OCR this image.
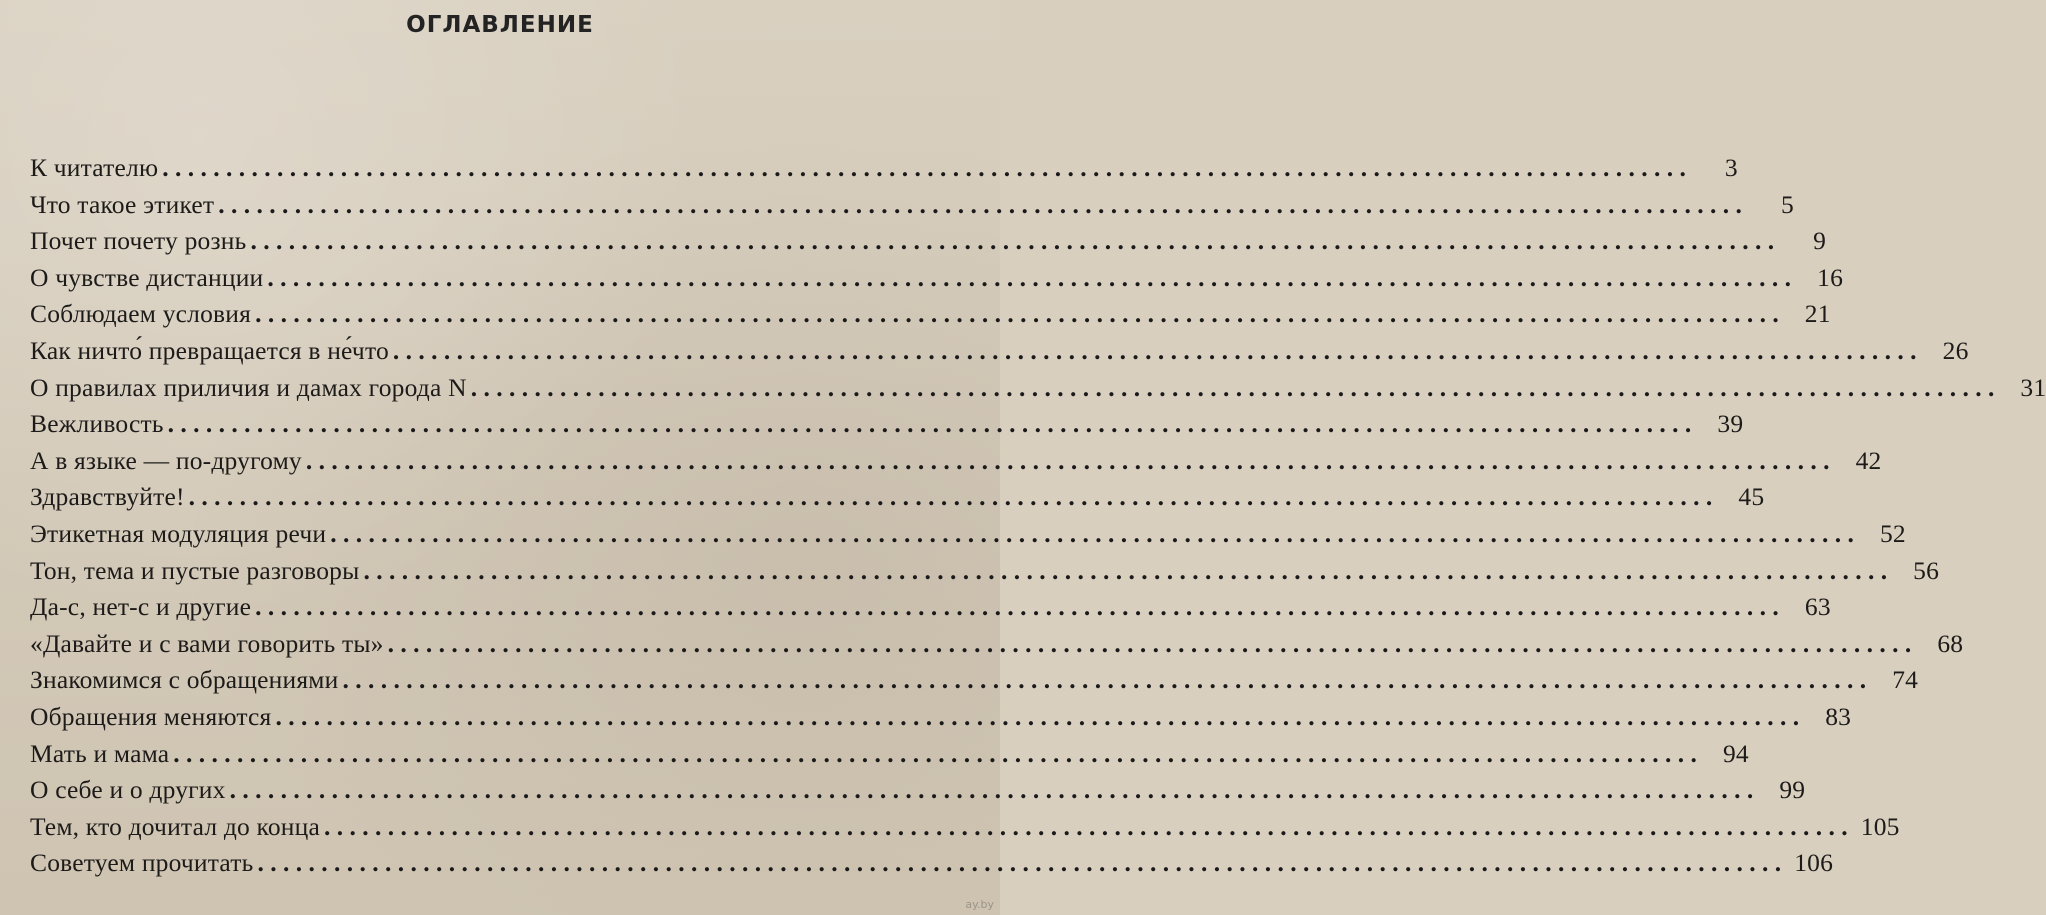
ОГЛАВЛЕНИЕ
К читателю . . . . . . . . . . . . . . . . . . . . . . . . . . . . . . . . . . . . . . . . . . . . . . . . . . . . . . . . . . . . . . . . . . . . . . . . . . . . . . . . . . . . . . . . . . . . . . . . . . . . . . . . . . . . . . . . . . . . . . . .	3
Что такое этикет . . . . . . . . . . . . . . . . . . . . . . . . . . . . . . . . . . . . . . . . . . . . . . . . . . . . . . . . . . . . . . . . . . . . . . . . . . . . . . . . . . . . . . . . . . . . . . . . . . . . . . . . . . . . . . . . . . . . . . . .	5
Почет почету рознь . . . . . . . . . . . . . . . . . . . . . . . . . . . . . . . . . . . . . . . . . . . . . . . . . . . . . . . . . . . . . . . . . . . . . . . . . . . . . . . . . . . . . . . . . . . . . . . . . . . . . . . . . . . . . . . . . . . . . . . .	9
О чувстве дистанции . . . . . . . . . . . . . . . . . . . . . . . . . . . . . . . . . . . . . . . . . . . . . . . . . . . . . . . . . . . . . . . . . . . . . . . . . . . . . . . . . . . . . . . . . . . . . . . . . . . . . . . . . . . . . . . . . . . . . . . .	16
Соблюдаем условия . . . . . . . . . . . . . . . . . . . . . . . . . . . . . . . . . . . . . . . . . . . . . . . . . . . . . . . . . . . . . . . . . . . . . . . . . . . . . . . . . . . . . . . . . . . . . . . . . . . . . . . . . . . . . . . . . . . . . . . .	21
Как ничто́ превращается в не́что . . . . . . . . . . . . . . . . . . . . . . . . . . . . . . . . . . . . . . . . . . . . . . . . . . . . . . . . . . . . . . . . . . . . . . . . . . . . . . . . . . . . . . . . . . . . . . . . . . . . . . . . . . . . . . . . . . . . . . . .	26
О правилах приличия и дамах города N . . . . . . . . . . . . . . . . . . . . . . . . . . . . . . . . . . . . . . . . . . . . . . . . . . . . . . . . . . . . . . . . . . . . . . . . . . . . . . . . . . . . . . . . . . . . . . . . . . . . . . . . . . . . . . . . . . . . . . . .	31
Вежливость . . . . . . . . . . . . . . . . . . . . . . . . . . . . . . . . . . . . . . . . . . . . . . . . . . . . . . . . . . . . . . . . . . . . . . . . . . . . . . . . . . . . . . . . . . . . . . . . . . . . . . . . . . . . . . . . . . . . . . . .	39
А в языке — по-другому . . . . . . . . . . . . . . . . . . . . . . . . . . . . . . . . . . . . . . . . . . . . . . . . . . . . . . . . . . . . . . . . . . . . . . . . . . . . . . . . . . . . . . . . . . . . . . . . . . . . . . . . . . . . . . . . . . . . . . . .	42
Здравствуйте! . . . . . . . . . . . . . . . . . . . . . . . . . . . . . . . . . . . . . . . . . . . . . . . . . . . . . . . . . . . . . . . . . . . . . . . . . . . . . . . . . . . . . . . . . . . . . . . . . . . . . . . . . . . . . . . . . . . . . . . .	45
Этикетная модуляция речи . . . . . . . . . . . . . . . . . . . . . . . . . . . . . . . . . . . . . . . . . . . . . . . . . . . . . . . . . . . . . . . . . . . . . . . . . . . . . . . . . . . . . . . . . . . . . . . . . . . . . . . . . . . . . . . . . . . . . . . .	52
Тон, тема и пустые разговоры . . . . . . . . . . . . . . . . . . . . . . . . . . . . . . . . . . . . . . . . . . . . . . . . . . . . . . . . . . . . . . . . . . . . . . . . . . . . . . . . . . . . . . . . . . . . . . . . . . . . . . . . . . . . . . . . . . . . . . . .	56
Да-с, нет-с и другие . . . . . . . . . . . . . . . . . . . . . . . . . . . . . . . . . . . . . . . . . . . . . . . . . . . . . . . . . . . . . . . . . . . . . . . . . . . . . . . . . . . . . . . . . . . . . . . . . . . . . . . . . . . . . . . . . . . . . . . .	63
«Давайте и с вами говорить ты» . . . . . . . . . . . . . . . . . . . . . . . . . . . . . . . . . . . . . . . . . . . . . . . . . . . . . . . . . . . . . . . . . . . . . . . . . . . . . . . . . . . . . . . . . . . . . . . . . . . . . . . . . . . . . . . . . . . . . . . .	68
Знакомимся с обращениями . . . . . . . . . . . . . . . . . . . . . . . . . . . . . . . . . . . . . . . . . . . . . . . . . . . . . . . . . . . . . . . . . . . . . . . . . . . . . . . . . . . . . . . . . . . . . . . . . . . . . . . . . . . . . . . . . . . . . . . .	74
Обращения меняются . . . . . . . . . . . . . . . . . . . . . . . . . . . . . . . . . . . . . . . . . . . . . . . . . . . . . . . . . . . . . . . . . . . . . . . . . . . . . . . . . . . . . . . . . . . . . . . . . . . . . . . . . . . . . . . . . . . . . . . .	83
Мать и мама . . . . . . . . . . . . . . . . . . . . . . . . . . . . . . . . . . . . . . . . . . . . . . . . . . . . . . . . . . . . . . . . . . . . . . . . . . . . . . . . . . . . . . . . . . . . . . . . . . . . . . . . . . . . . . . . . . . . . . . .	94
О себе и о других . . . . . . . . . . . . . . . . . . . . . . . . . . . . . . . . . . . . . . . . . . . . . . . . . . . . . . . . . . . . . . . . . . . . . . . . . . . . . . . . . . . . . . . . . . . . . . . . . . . . . . . . . . . . . . . . . . . . . . . .	99
Тем, кто дочитал до конца . . . . . . . . . . . . . . . . . . . . . . . . . . . . . . . . . . . . . . . . . . . . . . . . . . . . . . . . . . . . . . . . . . . . . . . . . . . . . . . . . . . . . . . . . . . . . . . . . . . . . . . . . . . . . . . . . . . . . . . . 105
Советуем прочитать . . . . . . . . . . . . . . . . . . . . . . . . . . . . . . . . . . . . . . . . . . . . . . . . . . . . . . . . . . . . . . . . . . . . . . . . . . . . . . . . . . . . . . . . . . . . . . . . . . . . . . . . . . . . . . . . . . . . . . . . 106
ay.by
